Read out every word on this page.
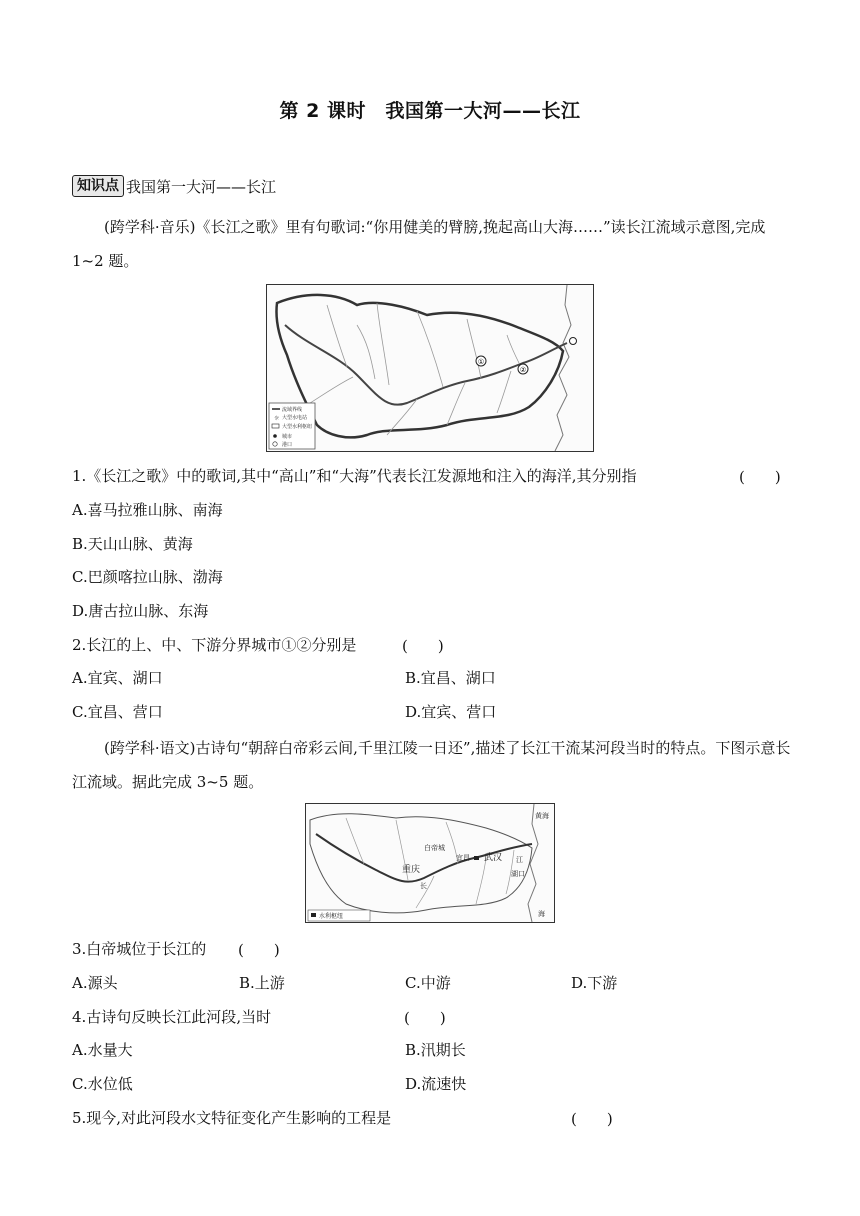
第 2 课时　我国第一大河——长江
知识点 我国第一大河——长江
(跨学科·音乐)《长江之歌》里有句歌词:“你用健美的臂膀,挽起高山大海……”读长江流域示意图,完成 1~2 题。
①
②
流域界线
☼ 大型水电站
大型水利枢纽
城市
港口
1.《长江之歌》中的歌词,其中“高山”和“大海”代表长江发源地和注入的海洋,其分别指	(　　)
A.喜马拉雅山脉、南海
B.天山山脉、黄海
C.巴颜喀拉山脉、渤海
D.唐古拉山脉、东海
2.长江的上、中、下游分界城市①②分别是	(　　)
A.宜宾、湖口	B.宜昌、湖口
C.宜昌、营口	D.宜宾、营口
(跨学科·语文)古诗句“朝辞白帝彩云间,千里江陵一日还”,描述了长江干流某河段当时的特点。下图示意长江流域。据此完成 3~5 题。
黄海
白帝城
宜昌 武汉 江
重庆
长
湖口
海
水利枢纽
3.白帝城位于长江的 (　　)
A.源头	B.上游	C.中游	D.下游
4.古诗句反映长江此河段,当时	(　　)
A.水量大	B.汛期长
C.水位低	D.流速快
5.现今,对此河段水文特征变化产生影响的工程是	(　　)
